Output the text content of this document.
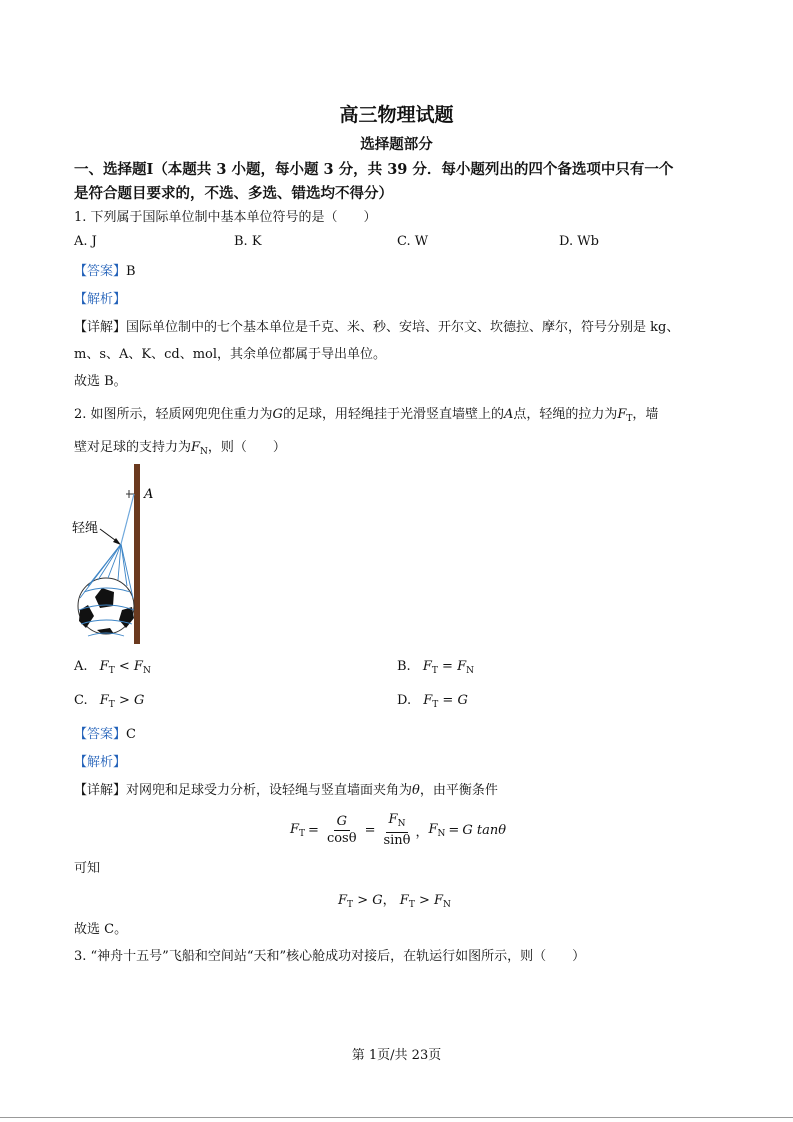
高三物理试题
选择题部分
一、选择题Ⅰ（本题共 3 小题，每小题 3 分，共 39 分．每小题列出的四个备选项中只有一个
是符合题目要求的，不选、多选、错选均不得分）
1. 下列属于国际单位制中基本单位符号的是（　　）
A. J	B. K	C. W	D. Wb
【答案】B
【解析】
【详解】国际单位制中的七个基本单位是千克、米、秒、安培、开尔文、坎德拉、摩尔，符号分别是 kg、
m、s、A、K、cd、mol，其余单位都属于导出单位。
故选 B。
2. 如图所示，轻质网兜兜住重力为G的足球，用轻绳挂于光滑竖直墙壁上的A点，轻绳的拉力为$F_T$，墙
壁对足球的支持力为$F_N$，则（　　）
A
轻绳
A. $F_T < F_N$	B. $F_T = F_N$
C. $F_T > G$	D. $F_T = G$
【答案】C
【解析】
【详解】对网兜和足球受力分析，设轻绳与竖直墙面夹角为θ，由平衡条件
$F_T = \frac{G}{\cos\theta} = \frac{F_N}{\sin\theta}$ ， $F_N = G$ tanθ
可知
$F_T > G$， $F_T > F_N$
故选 C。
3. “神舟十五号”飞船和空间站“天和”核心舱成功对接后，在轨运行如图所示，则（　　）
第 1页/共 23页
